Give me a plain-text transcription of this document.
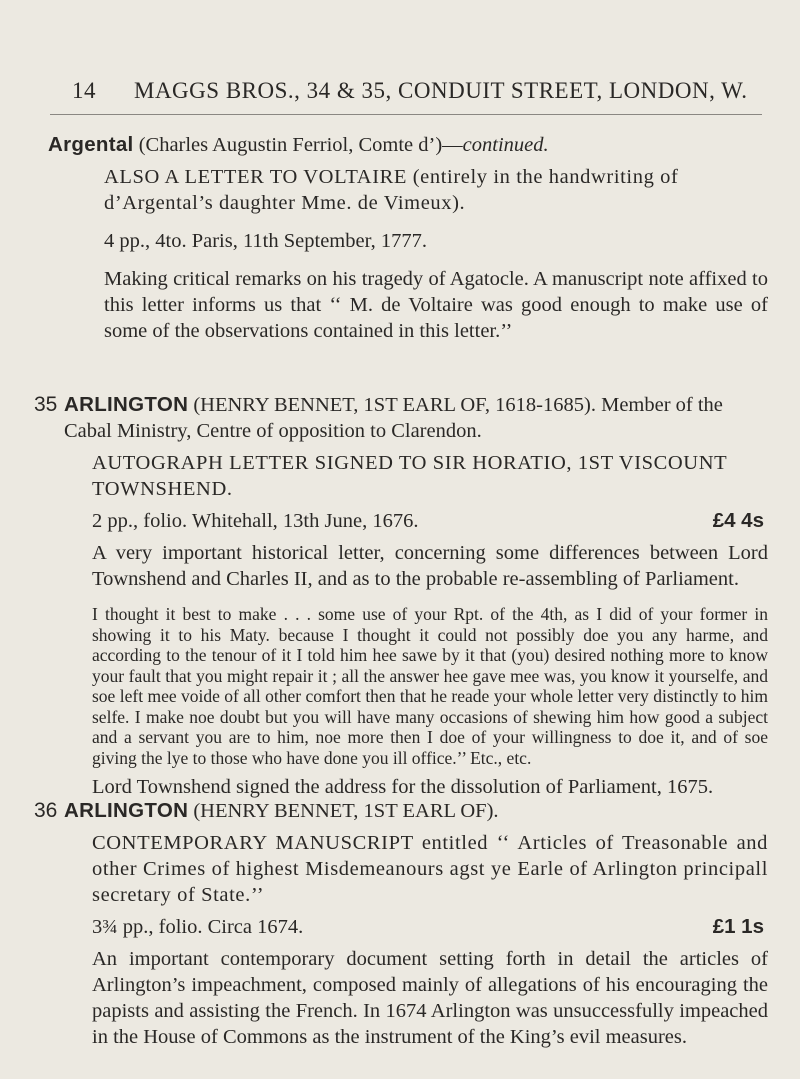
14 MAGGS BROS., 34 & 35, CONDUIT STREET, LONDON, W.
Argental (Charles Augustin Ferriol, Comte d’)—continued.

ALSO A LETTER TO VOLTAIRE (entirely in the handwriting of d’Argental’s daughter Mme. de Vimeux).

4 pp., 4to. Paris, 11th September, 1777.

Making critical remarks on his tragedy of Agatocle. A manuscript note affixed to this letter informs us that ‘‘ M. de Voltaire was good enough to make use of some of the observations contained in this letter.’’

35 ARLINGTON (HENRY BENNET, 1ST EARL OF, 1618-1685). Member of the Cabal Ministry, Centre of opposition to Clarendon.

AUTOGRAPH LETTER SIGNED TO SIR HORATIO, 1ST VISCOUNT TOWNSHEND.

2 pp., folio. Whitehall, 13th June, 1676.	£4 4s

A very important historical letter, concerning some differences between Lord Townshend and Charles II, and as to the probable re-assembling of Parliament.

I thought it best to make . . . some use of your Rpt. of the 4th, as I did of your former in showing it to his Maty. because I thought it could not possibly doe you any harme, and according to the tenour of it I told him hee sawe by it that (you) desired nothing more to know your fault that you might repair it ; all the answer hee gave mee was, you know it yourselfe, and soe left mee voide of all other comfort then that he reade your whole letter very distinctly to him selfe. I make noe doubt but you will have many occasions of shewing him how good a subject and a servant you are to him, noe more then I doe of your willingness to doe it, and of soe giving the lye to those who have done you ill office.’’ Etc., etc.

Lord Townshend signed the address for the dissolution of Parliament, 1675.

36 ARLINGTON (HENRY BENNET, 1ST EARL OF).

CONTEMPORARY MANUSCRIPT entitled ‘‘ Articles of Treasonable and other Crimes of highest Misdemeanours agst ye Earle of Arlington principall secretary of State.’’

3¾ pp., folio. Circa 1674.	£1 1s

An important contemporary document setting forth in detail the articles of Arlington’s impeachment, composed mainly of allegations of his encouraging the papists and assisting the French. In 1674 Arlington was unsuccessfully impeached in the House of Commons as the instrument of the King’s evil measures.
